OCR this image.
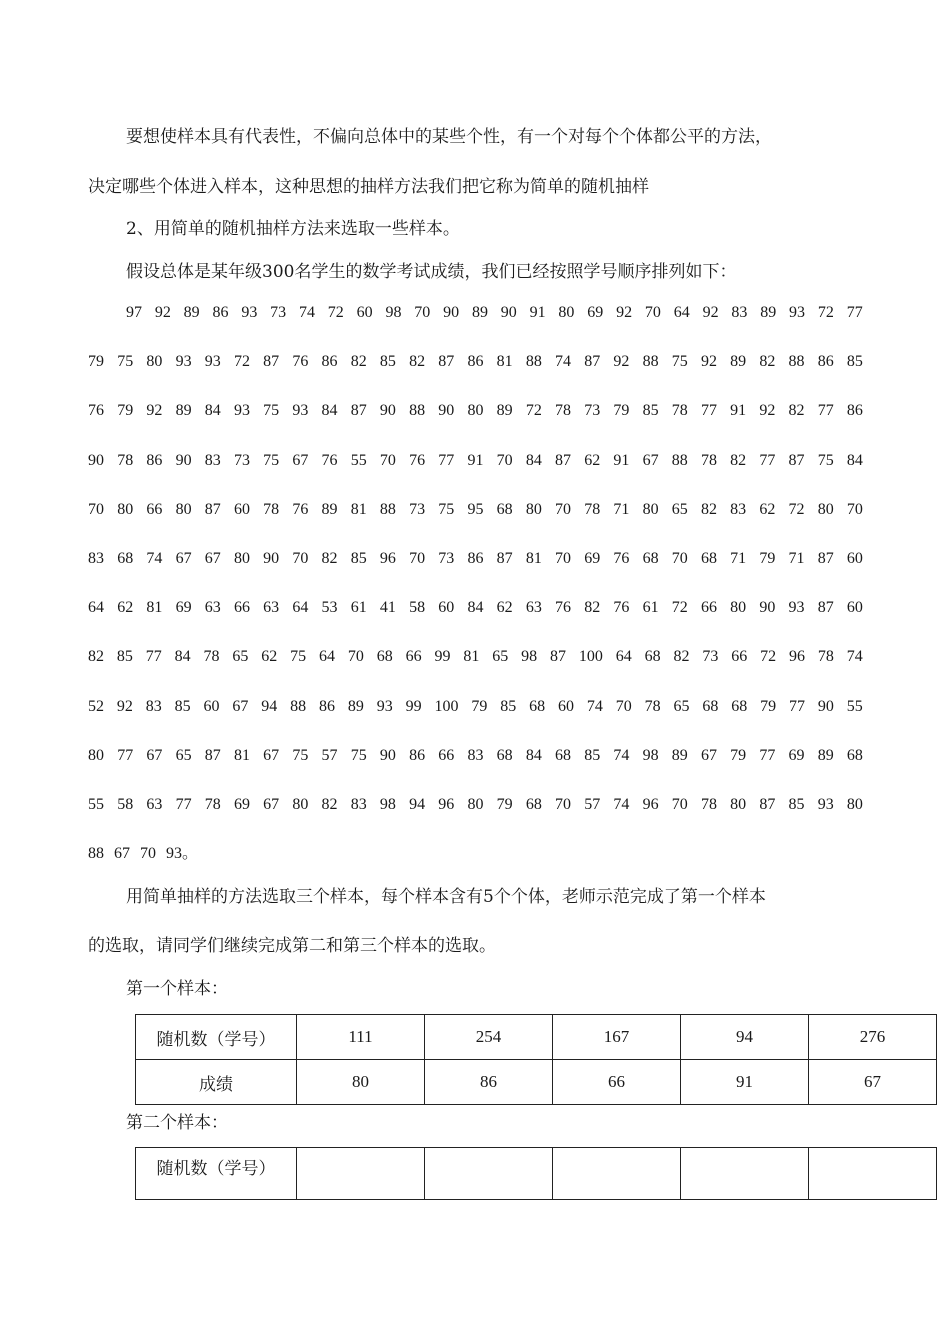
要想使样本具有代表性，不偏向总体中的某些个性，有一个对每个个体都公平的方法，
决定哪些个体进入样本，这种思想的抽样方法我们把它称为简单的随机抽样
2、用简单的随机抽样方法来选取一些样本。
假设总体是某年级300名学生的数学考试成绩，我们已经按照学号顺序排列如下：
97 92 89 86 93 73 74 72 60 98 70 90 89 90 91 80 69 92 70 64 92 83 89 93 72 77
79 75 80 93 93 72 87 76 86 82 85 82 87 86 81 88 74 87 92 88 75 92 89 82 88 86 85
76 79 92 89 84 93 75 93 84 87 90 88 90 80 89 72 78 73 79 85 78 77 91 92 82 77 86
90 78 86 90 83 73 75 67 76 55 70 76 77 91 70 84 87 62 91 67 88 78 82 77 87 75 84
70 80 66 80 87 60 78 76 89 81 88 73 75 95 68 80 70 78 71 80 65 82 83 62 72 80 70
83 68 74 67 67 80 90 70 82 85 96 70 73 86 87 81 70 69 76 68 70 68 71 79 71 87 60
64 62 81 69 63 66 63 64 53 61 41 58 60 84 62 63 76 82 76 61 72 66 80 90 93 87 60
82 85 77 84 78 65 62 75 64 70 68 66 99 81 65 98 87 100 64 68 82 73 66 72 96 78 74
52 92 83 85 60 67 94 88 86 89 93 99 100 79 85 68 60 74 70 78 65 68 68 79 77 90 55
80 77 67 65 87 81 67 75 57 75 90 86 66 83 68 84 68 85 74 98 89 67 79 77 69 89 68
55 58 63 77 78 69 67 80 82 83 98 94 96 80 79 68 70 57 74 96 70 78 80 87 85 93 80
88 67 70 93。
用简单抽样的方法选取三个样本，每个样本含有5个个体，老师示范完成了第一个样本
的选取，请同学们继续完成第二和第三个样本的选取。
第一个样本：
随机数（学号）	111	254	167	94	276
成绩	80	86	66	91	67
第二个样本：
随机数（学号）					
